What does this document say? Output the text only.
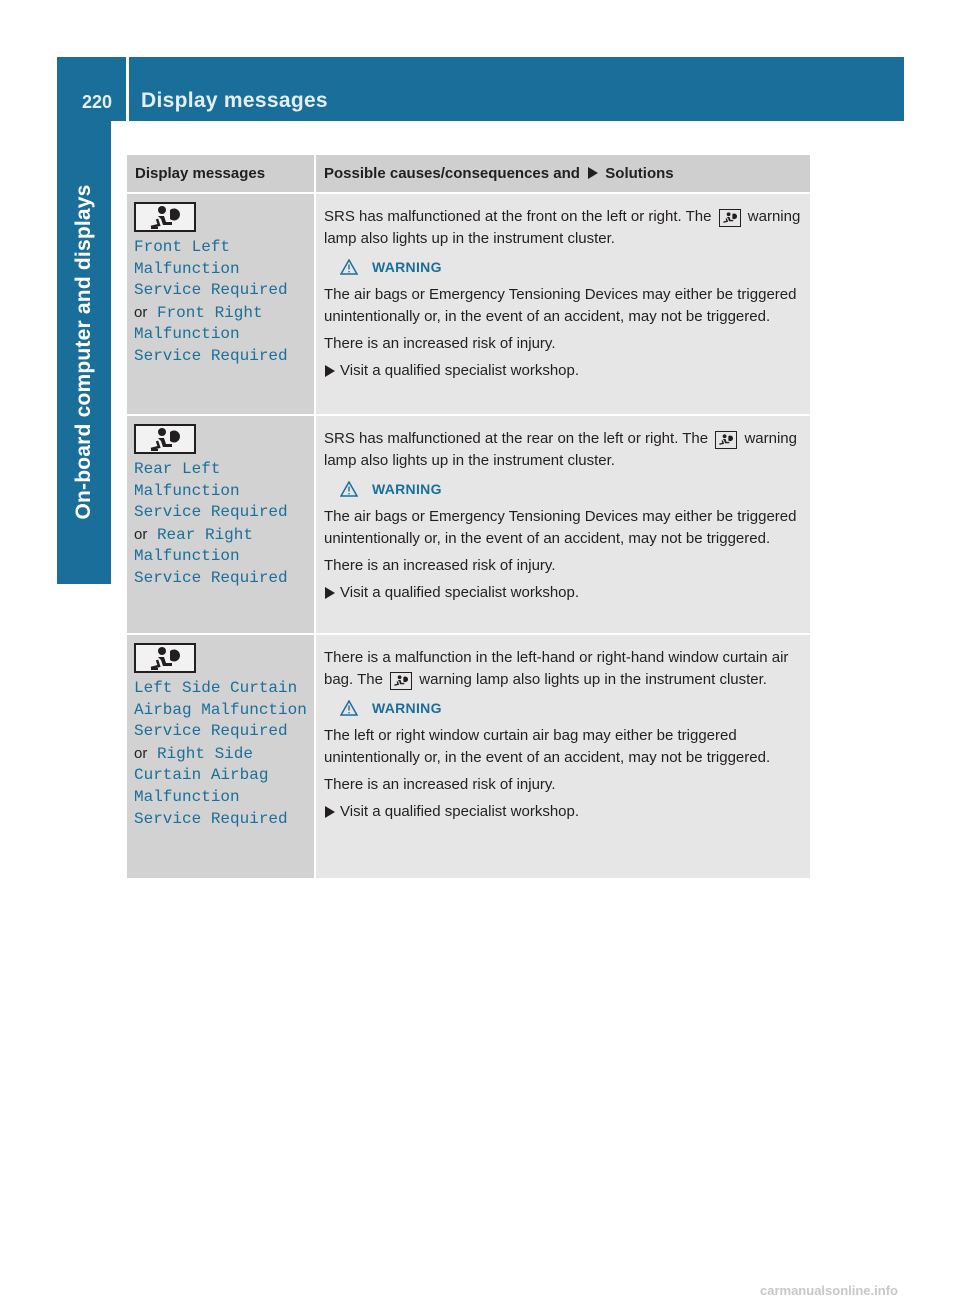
220 Display messages
On-board computer and displays
Display messages	Possible causes/consequences and Solutions
Front Left
Malfunction
Service Required
or Front Right
Malfunction
Service Required
SRS has malfunctioned at the front on the left or right. The warning lamp also lights up in the instrument cluster.
WARNING
The air bags or Emergency Tensioning Devices may either be triggered unintentionally or, in the event of an accident, may not be triggered.
There is an increased risk of injury.
Visit a qualified specialist workshop.
Rear Left
Malfunction
Service Required
or Rear Right
Malfunction
Service Required
SRS has malfunctioned at the rear on the left or right. The warning lamp also lights up in the instrument cluster.
WARNING
The air bags or Emergency Tensioning Devices may either be triggered unintentionally or, in the event of an accident, may not be triggered.
There is an increased risk of injury.
Visit a qualified specialist workshop.
Left Side Curtain
Airbag Malfunction
Service Required
or Right Side
Curtain Airbag
Malfunction
Service Required
There is a malfunction in the left-hand or right-hand window curtain air bag. The warning lamp also lights up in the instrument cluster.
WARNING
The left or right window curtain air bag may either be triggered unintentionally or, in the event of an accident, may not be triggered.
There is an increased risk of injury.
Visit a qualified specialist workshop.
carmanualsonline.info
